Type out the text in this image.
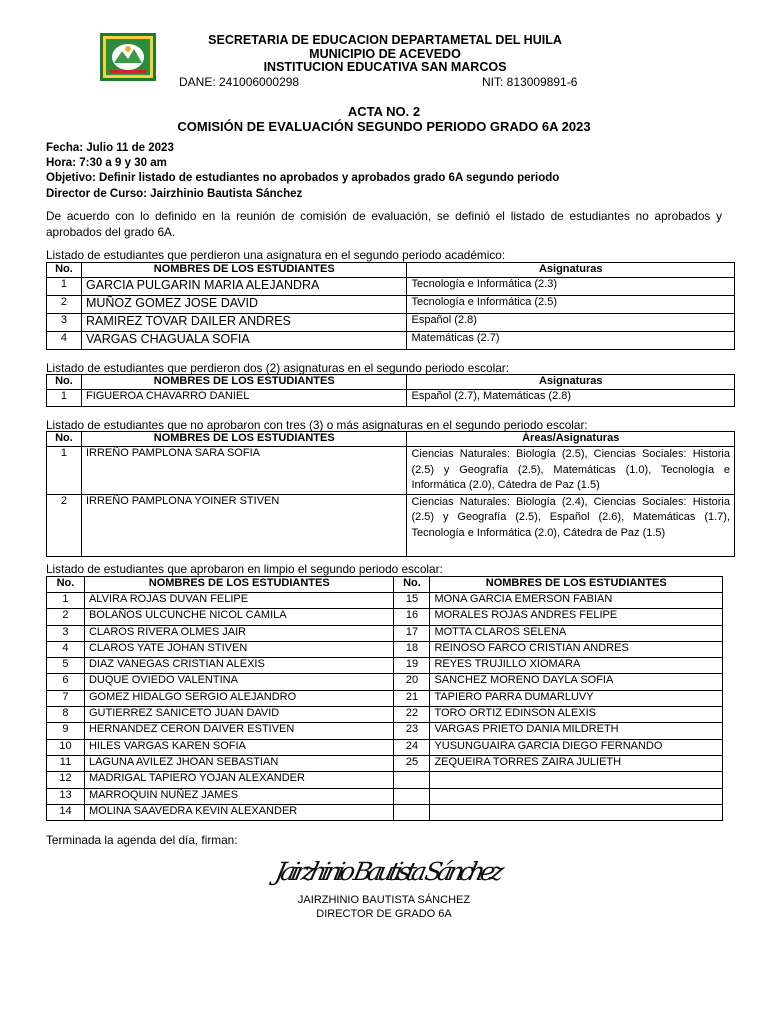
SECRETARIA DE EDUCACION DEPARTAMETAL DEL HUILA
MUNICIPIO DE ACEVEDO
INSTITUCION EDUCATIVA SAN MARCOS
DANE: 241006000298	NIT: 813009891-6
ACTA NO. 2
COMISIÓN DE EVALUACIÓN SEGUNDO PERIODO GRADO 6A 2023
Fecha: Julio 11 de 2023
Hora: 7:30 a 9 y 30 am
Objetivo: Definir listado de estudiantes no aprobados y aprobados grado 6A segundo periodo
Director de Curso: Jairzhinio Bautista Sánchez
De acuerdo con lo definido en la reunión de comisión de evaluación, se definió el listado de estudiantes no aprobados y aprobados del grado 6A.
Listado de estudiantes que perdieron una asignatura en el segundo periodo académico:
No.	NOMBRES DE LOS ESTUDIANTES	Asignaturas
1	GARCIA PULGARIN MARIA ALEJANDRA	Tecnología e Informática (2.3)
2	MUÑOZ GOMEZ JOSE DAVID	Tecnología e Informática (2.5)
3	RAMIREZ TOVAR DAILER ANDRES	Español (2.8)
4	VARGAS CHAGUALA SOFIA	Matemáticas (2.7)
Listado de estudiantes que perdieron dos (2) asignaturas en el segundo periodo escolar:
No.	NOMBRES DE LOS ESTUDIANTES	Asignaturas
1	FIGUEROA CHAVARRO DANIEL	Español (2.7), Matemáticas (2.8)
Listado de estudiantes que no aprobaron con tres (3) o más asignaturas en el segundo periodo escolar:
No.	NOMBRES DE LOS ESTUDIANTES	Áreas/Asignaturas
1	IRREÑO PAMPLONA SARA SOFIA	Ciencias Naturales: Biología (2.5), Ciencias Sociales: Historia (2.5) y Geografía (2.5), Matemáticas (1.0), Tecnología e Informática (2.0), Cátedra de Paz (1.5)
2	IRREÑO PAMPLONA YOINER STIVEN	Ciencias Naturales: Biología (2.4), Ciencias Sociales: Historia (2.5) y Geografía (2.5), Español (2.6), Matemáticas (1.7), Tecnología e Informática (2.0), Cátedra de Paz (1.5)
Listado de estudiantes que aprobaron en limpio el segundo periodo escolar:
No.	NOMBRES DE LOS ESTUDIANTES	No.	NOMBRES DE LOS ESTUDIANTES
1	ALVIRA ROJAS DUVAN FELIPE	15	MONA GARCIA EMERSON FABIAN
2	BOLAÑOS ULCUNCHE NICOL CAMILA	16	MORALES ROJAS ANDRES FELIPE
3	CLAROS RIVERA OLMES JAIR	17	MOTTA CLAROS SELENA
4	CLAROS YATE JOHAN STIVEN	18	REINOSO FARCO CRISTIAN ANDRES
5	DIAZ VANEGAS CRISTIAN ALEXIS	19	REYES TRUJILLO XIOMARA
6	DUQUE OVIEDO VALENTINA	20	SANCHEZ MORENO DAYLA SOFIA
7	GOMEZ HIDALGO SERGIO ALEJANDRO	21	TAPIERO PARRA DUMARLUVY
8	GUTIERREZ SANICETO JUAN DAVID	22	TORO ORTIZ EDINSON ALEXIS
9	HERNANDEZ CERON DAIVER ESTIVEN	23	VARGAS PRIETO DANIA MILDRETH
10	HILES VARGAS KAREN SOFIA	24	YUSUNGUAIRA GARCIA DIEGO FERNANDO
11	LAGUNA AVILEZ JHOAN SEBASTIAN	25	ZEQUEIRA TORRES ZAIRA JULIETH
12	MADRIGAL TAPIERO YOJAN ALEXANDER		
13	MARROQUIN NUÑEZ JAMES		
14	MOLINA SAAVEDRA KEVIN ALEXANDER		
Terminada la agenda del día, firman:
Jairzhinio Bautista Sánchez
JAIRZHINIO BAUTISTA SÁNCHEZ
DIRECTOR DE GRADO 6A
